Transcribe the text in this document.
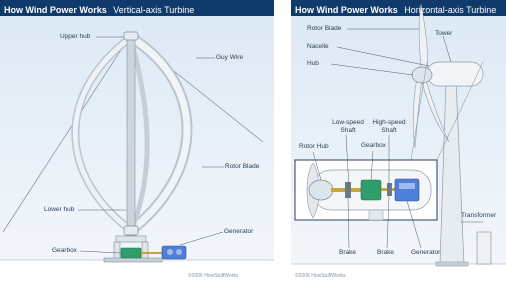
How Wind Power Works Vertical-axis Turbine
Upper hub
Guy Wire
Rotor Blade
Lower hub
Generator
Gearbox
©2006 HowStuffWorks
How Wind Power Works Horizontal-axis Turbine
Rotor Blade
Nacelle
Hub
Tower
Low-speed Shaft
High-speed Shaft
Gearbox
Rotor Hub
Brake	Brake	Generator
Transformer
©2006 HowStuffWorks
